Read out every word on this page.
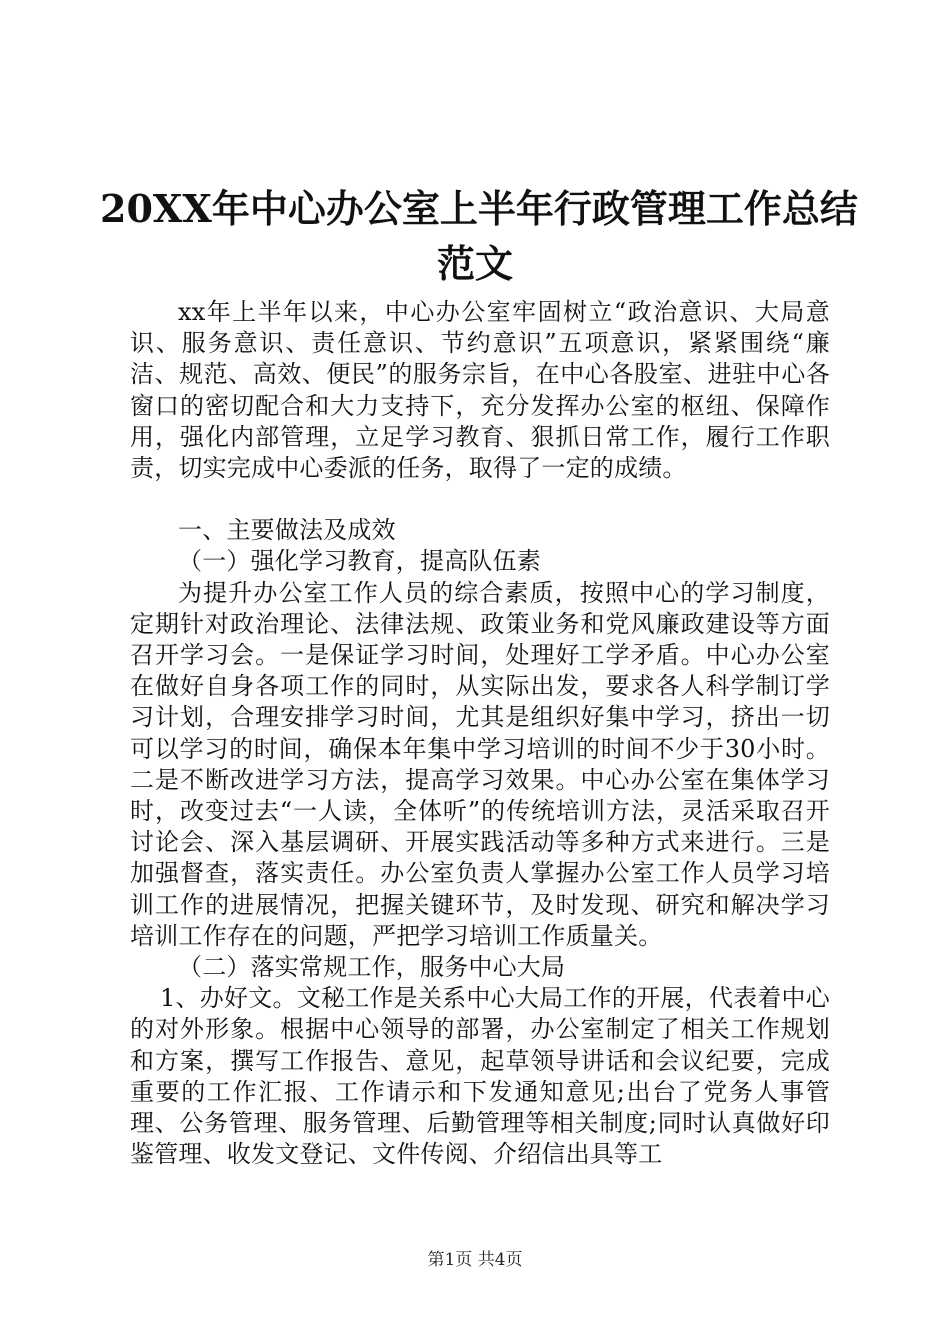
20XX年中心办公室上半年行政管理工作总结
范文

xx年上半年以来，中心办公室牢固树立“政治意识、大局意识、服务意识、责任意识、节约意识”五项意识，紧紧围绕“廉洁、规范、高效、便民”的服务宗旨，在中心各股室、进驻中心各窗口的密切配合和大力支持下，充分发挥办公室的枢纽、保障作用，强化内部管理，立足学习教育、狠抓日常工作，履行工作职责，切实完成中心委派的任务，取得了一定的成绩。

一、主要做法及成效

（一）强化学习教育，提高队伍素

为提升办公室工作人员的综合素质，按照中心的学习制度，定期针对政治理论、法律法规、政策业务和党风廉政建设等方面召开学习会。一是保证学习时间，处理好工学矛盾。中心办公室在做好自身各项工作的同时，从实际出发，要求各人科学制订学习计划，合理安排学习时间，尤其是组织好集中学习，挤出一切可以学习的时间，确保本年集中学习培训的时间不少于30小时。二是不断改进学习方法，提高学习效果。中心办公室在集体学习时，改变过去“一人读，全体听”的传统培训方法，灵活采取召开讨论会、深入基层调研、开展实践活动等多种方式来进行。三是加强督查，落实责任。办公室负责人掌握办公室工作人员学习培训工作的进展情况，把握关键环节，及时发现、研究和解决学习培训工作存在的问题，严把学习培训工作质量关。

（二）落实常规工作，服务中心大局

1、办好文。文秘工作是关系中心大局工作的开展，代表着中心的对外形象。根据中心领导的部署，办公室制定了相关工作规划和方案，撰写工作报告、意见，起草领导讲话和会议纪要，完成重要的工作汇报、工作请示和下发通知意见;出台了党务人事管理、公务管理、服务管理、后勤管理等相关制度;同时认真做好印鉴管理、收发文登记、文件传阅、介绍信出具等工

第1页 共4页
